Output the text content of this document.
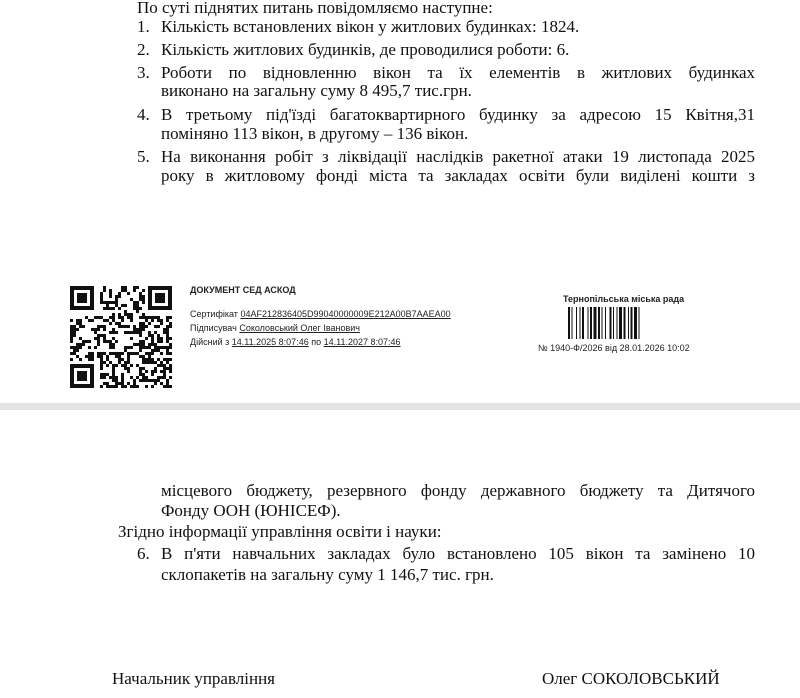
По суті піднятих питань повідомляємо наступне:
1. Кількість встановлених вікон у житлових будинках: 1824.
2. Кількість житлових будинків, де проводилися роботи: 6.
3. Роботи по відновленню вікон та їх елементів в житлових будинках
виконано на загальну суму 8 495,7 тис.грн.
4. В третьому під'їзді багатоквартирного будинку за адресою 15 Квітня,31
поміняно 113 вікон, в другому – 136 вікон.
5. На виконання робіт з ліквідації наслідків ракетної атаки 19 листопада 2025
року в житловому фонді міста та закладах освіти були виділені кошти з
ДОКУМЕНТ СЕД АСКОД
Сертифікат 04AF212836405D99040000009E212A00B7AAEA00
Підписувач Соколовський Олег Іванович
Дійсний з 14.11.2025 8:07:46 по 14.11.2027 8:07:46
Тернопільська міська рада
№ 1940-Ф/2026 від 28.01.2026 10:02
місцевого бюджету, резервного фонду державного бюджету та Дитячого
Фонду ООН (ЮНІСЕФ).
Згідно інформації управління освіти і науки:
6. В п'яти навчальних закладах було встановлено 105 вікон та замінено 10
склопакетів на загальну суму 1 146,7 тис. грн.
Начальник управління	Олег СОКОЛОВСЬКИЙ
